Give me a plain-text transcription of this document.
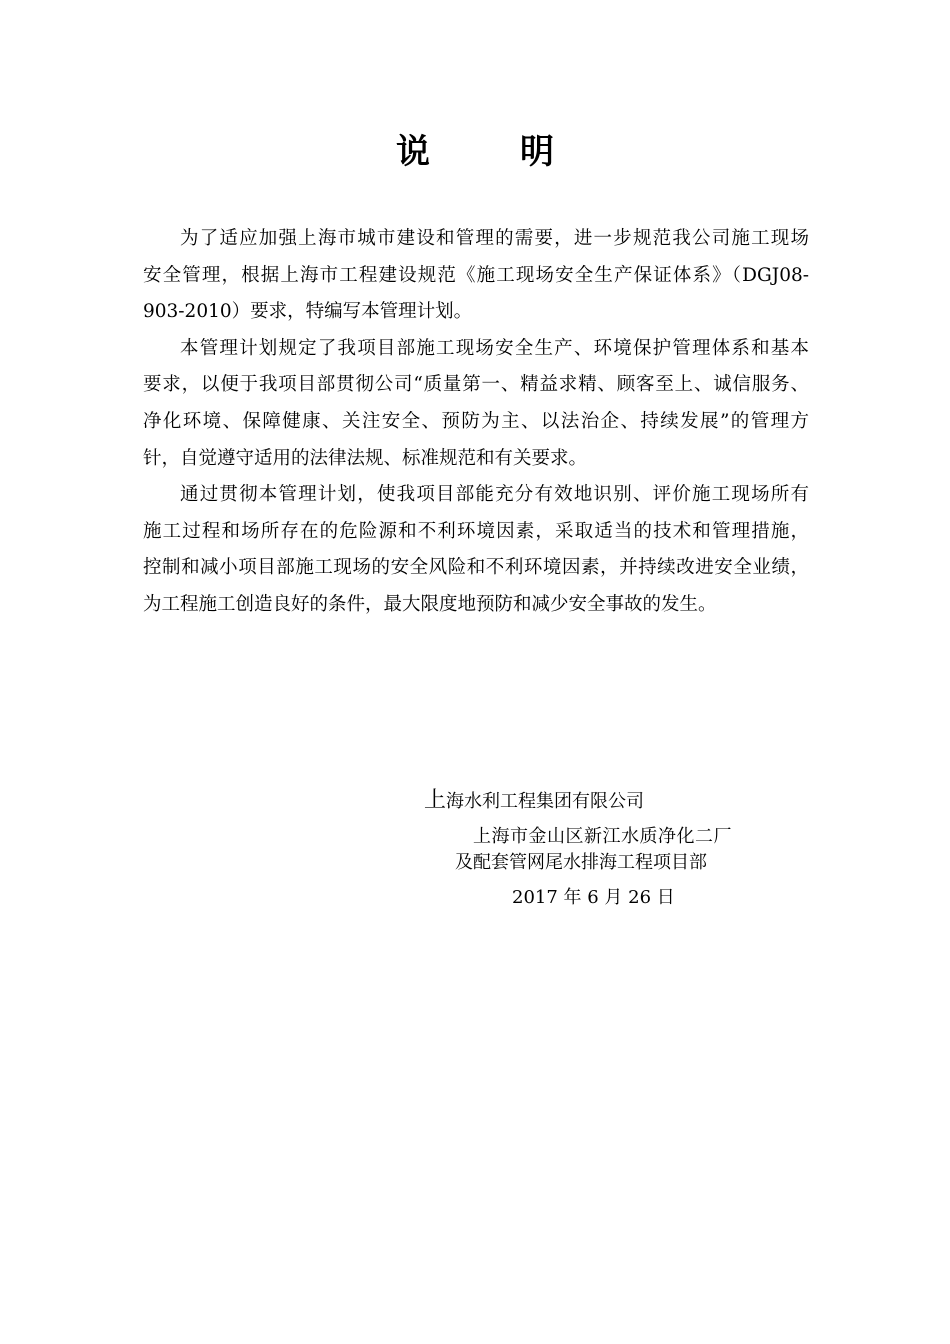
说　明
为了适应加强上海市城市建设和管理的需要，进一步规范我公司施工现场
安全管理，根据上海市工程建设规范《施工现场安全生产保证体系》（DGJ08-
903-2010）要求，特编写本管理计划。
本管理计划规定了我项目部施工现场安全生产、环境保护管理体系和基本
要求，以便于我项目部贯彻公司“质量第一、精益求精、顾客至上、诚信服务、
净化环境、保障健康、关注安全、预防为主、以法治企、持续发展”的管理方
针，自觉遵守适用的法律法规、标准规范和有关要求。
通过贯彻本管理计划，使我项目部能充分有效地识别、评价施工现场所有
施工过程和场所存在的危险源和不利环境因素，采取适当的技术和管理措施，
控制和减小项目部施工现场的安全风险和不利环境因素，并持续改进安全业绩，
为工程施工创造良好的条件，最大限度地预防和减少安全事故的发生。
上海水利工程集团有限公司
上海市金山区新江水质净化二厂
及配套管网尾水排海工程项目部
2017 年 6 月 26 日
